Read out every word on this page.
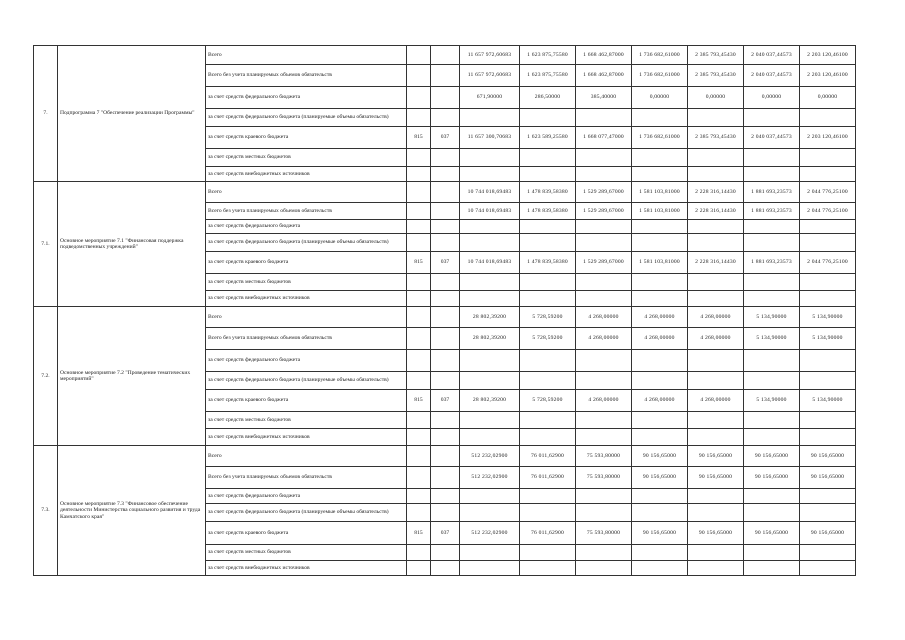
7.	Подпрограмма 7 "Обеспечение реализации Программы"	Всего			11 657 972,60683	1 623 875,75580	1 668 462,87000	1 736 682,61000	2 385 793,45430	2 040 037,44573	2 203 120,46100
		Всего без учета планируемых объемов обязательств			11 657 972,60683	1 623 875,75580	1 668 462,87000	1 736 682,61000	2 385 793,45430	2 040 037,44573	2 203 120,46100
		за счет средств федерального бюджета			671,90000	286,50000	385,40000	0,00000	0,00000	0,00000	0,00000
		за счет средств федерального бюджета (планируемые объемы обязательств)									
		за счет средств краевого бюджета	815	037	11 657 300,70683	1 623 589,25580	1 668 077,47000	1 736 682,61000	2 385 793,45430	2 040 037,44573	2 203 120,46100
		за счет средств местных бюджетов									
		за счет средств внебюджетных источников									
7.1.	Основное мероприятие 7.1 "Финансовая поддержка подведомственных учреждений"	Всего			10 744 018,69483	1 478 839,58380	1 529 289,67000	1 581 103,81000	2 228 316,14430	1 881 693,23573	2 044 776,25100
		Всего без учета планируемых объемов обязательств			10 744 018,69483	1 478 839,58380	1 529 289,67000	1 581 103,81000	2 228 316,14430	1 881 693,23573	2 044 776,25100
		за счет средств федерального бюджета									
		за счет средств федерального бюджета (планируемые объемы обязательств)									
		за счет средств краевого бюджета	815	037	10 744 018,69483	1 478 839,58380	1 529 289,67000	1 581 103,81000	2 228 316,14430	1 881 693,23573	2 044 776,25100
		за счет средств местных бюджетов									
		за счет средств внебюджетных источников									
7.2.	Основное мероприятие 7.2 "Проведение тематических мероприятий"	Всего			28 802,39200	5 728,59200	4 268,00000	4 268,00000	4 268,00000	5 134,90000	5 134,90000
		Всего без учета планируемых объемов обязательств			28 802,39200	5 728,59200	4 268,00000	4 268,00000	4 268,00000	5 134,90000	5 134,90000
		за счет средств федерального бюджета									
		за счет средств федерального бюджета (планируемые объемы обязательств)									
		за счет средств краевого бюджета	815	037	28 802,39200	5 728,59200	4 268,00000	4 268,00000	4 268,00000	5 134,90000	5 134,90000
		за счет средств местных бюджетов									
		за счет средств внебюджетных источников									
7.3.	Основное мероприятие 7.3 "Финансовое обеспечение деятельности Министерства социального развития и труда Камчатского края"	Всего			512 232,02900	76 011,62900	75 593,80000	90 156,65000	90 156,65000	90 156,65000	90 156,65000
		Всего без учета планируемых объемов обязательств			512 232,02900	76 011,62900	75 593,80000	90 156,65000	90 156,65000	90 156,65000	90 156,65000
		за счет средств федерального бюджета									
		за счет средств федерального бюджета (планируемые объемы обязательств)									
		за счет средств краевого бюджета	815	037	512 232,02900	76 011,62900	75 593,80000	90 156,65000	90 156,65000	90 156,65000	90 156,65000
		за счет средств местных бюджетов									
		за счет средств внебюджетных источников									
